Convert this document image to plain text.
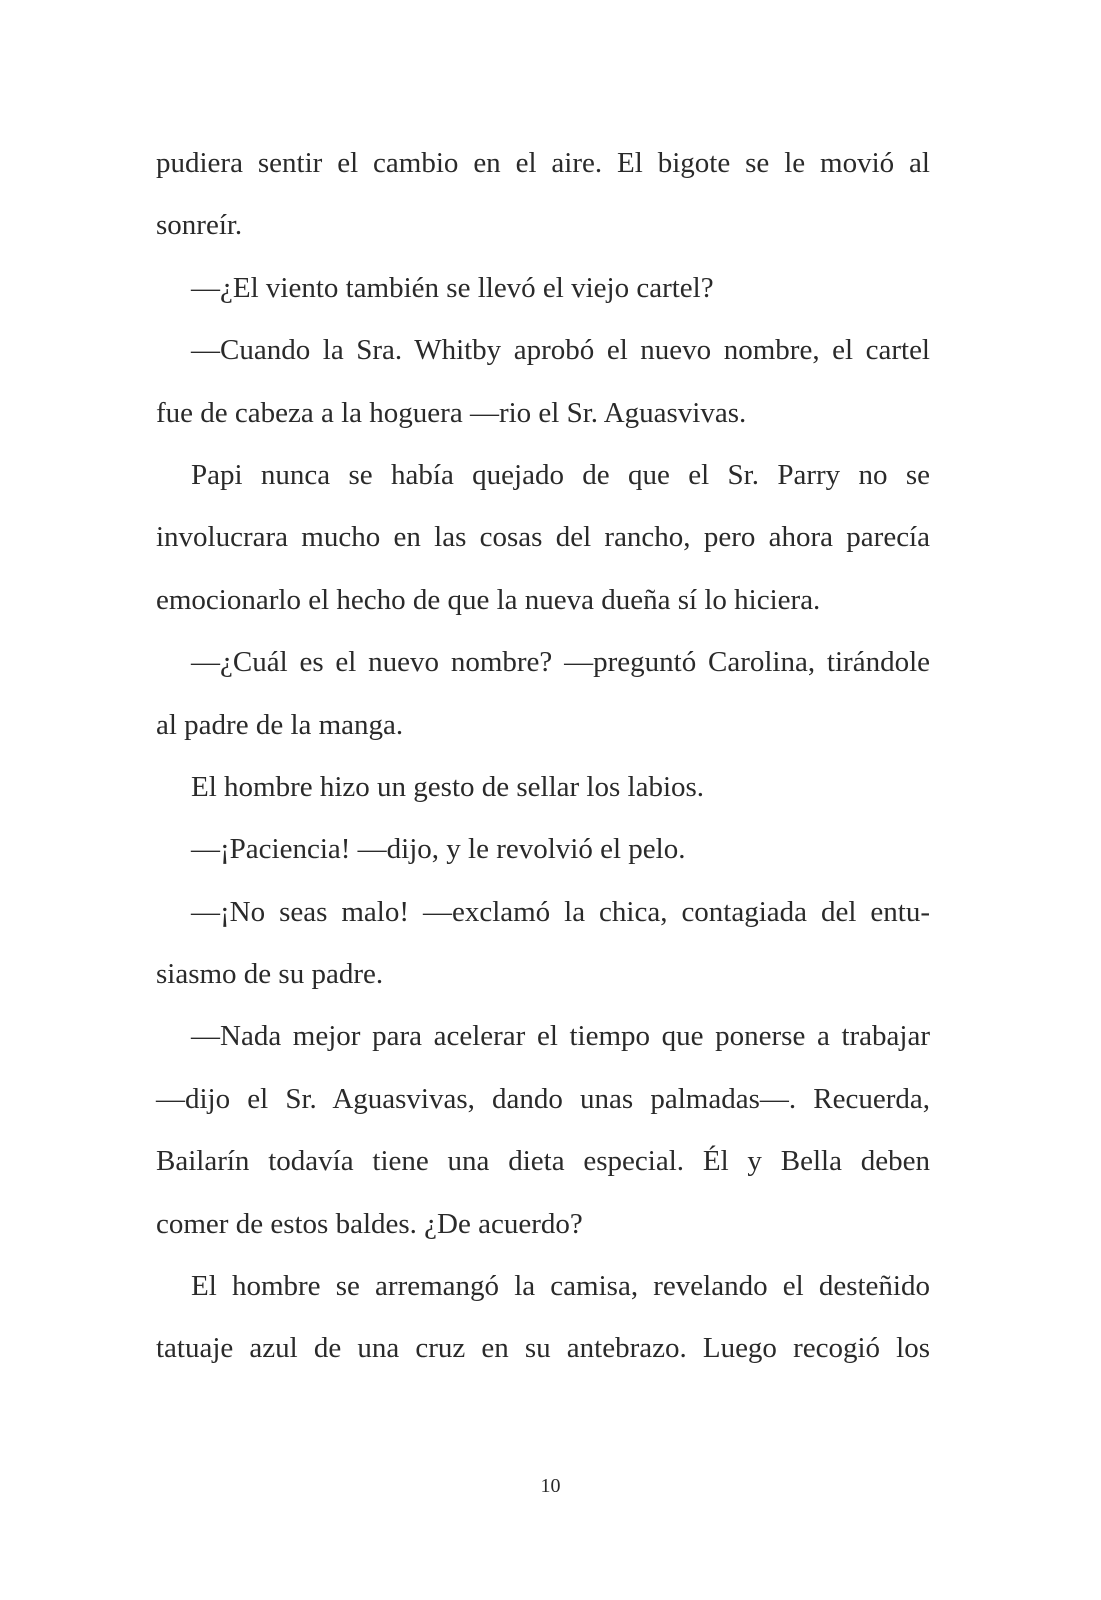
pudiera sentir el cambio en el aire. El bigote se le movió al
sonreír.
—¿El viento también se llevó el viejo cartel?
—Cuando la Sra. Whitby aprobó el nuevo nombre, el cartel
fue de cabeza a la hoguera —rio el Sr. Aguasvivas.
Papi nunca se había quejado de que el Sr. Parry no se
involucrara mucho en las cosas del rancho, pero ahora parecía
emocionarlo el hecho de que la nueva dueña sí lo hiciera.
—¿Cuál es el nuevo nombre? —preguntó Carolina, tirándole
al padre de la manga.
El hombre hizo un gesto de sellar los labios.
—¡Paciencia! —dijo, y le revolvió el pelo.
—¡No seas malo! —exclamó la chica, contagiada del entu-
siasmo de su padre.
—Nada mejor para acelerar el tiempo que ponerse a trabajar
—dijo el Sr. Aguasvivas, dando unas palmadas—. Recuerda,
Bailarín todavía tiene una dieta especial. Él y Bella deben
comer de estos baldes. ¿De acuerdo?
El hombre se arremangó la camisa, revelando el desteñido
tatuaje azul de una cruz en su antebrazo. Luego recogió los
10
